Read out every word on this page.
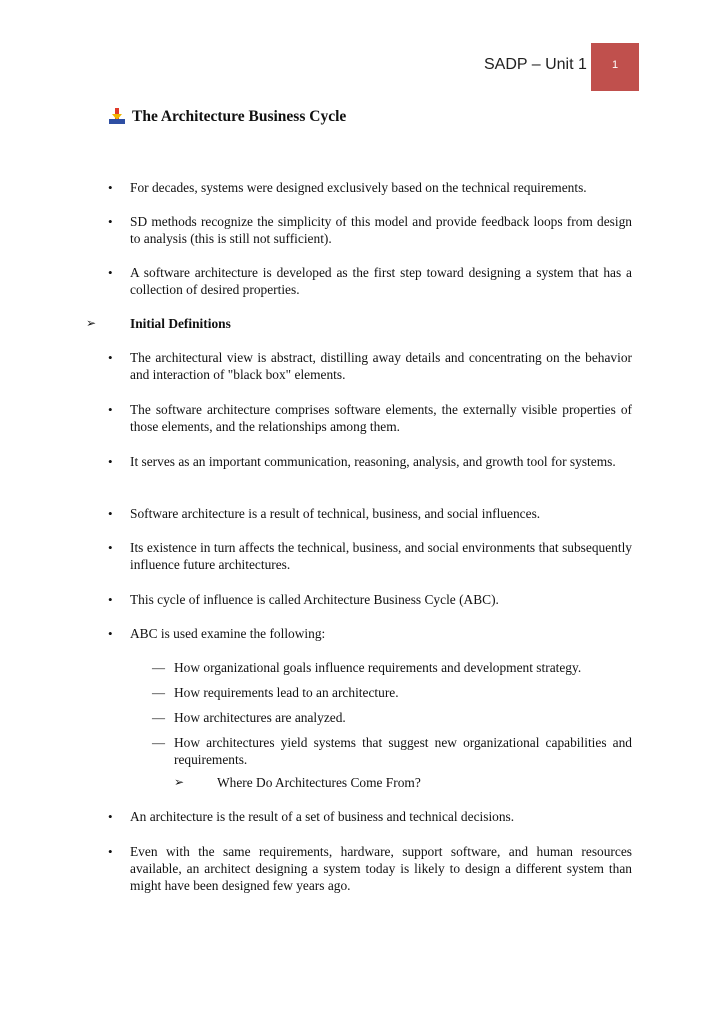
SADP – Unit 1	1
The Architecture Business Cycle
• For decades, systems were designed exclusively based on the technical requirements.
• SD methods recognize the simplicity of this model and provide feedback loops from design to analysis (this is still not sufficient).
• A software architecture is developed as the first step toward designing a system that has a collection of desired properties.
➢	Initial Definitions
• The architectural view is abstract, distilling away details and concentrating on the behavior and interaction of "black box" elements.
• The software architecture comprises software elements, the externally visible properties of those elements, and the relationships among them.
• It serves as an important communication, reasoning, analysis, and growth tool for systems.
• Software architecture is a result of technical, business, and social influences.
• Its existence in turn affects the technical, business, and social environments that subsequently influence future architectures.
• This cycle of influence is called Architecture Business Cycle (ABC).
• ABC is used examine the following:
— How organizational goals influence requirements and development strategy.
— How requirements lead to an architecture.
— How architectures are analyzed.
— How architectures yield systems that suggest new organizational capabilities and requirements.
➢ Where Do Architectures Come From?
• An architecture is the result of a set of business and technical decisions.
• Even with the same requirements, hardware, support software, and human resources available, an architect designing a system today is likely to design a different system than might have been designed few years ago.
